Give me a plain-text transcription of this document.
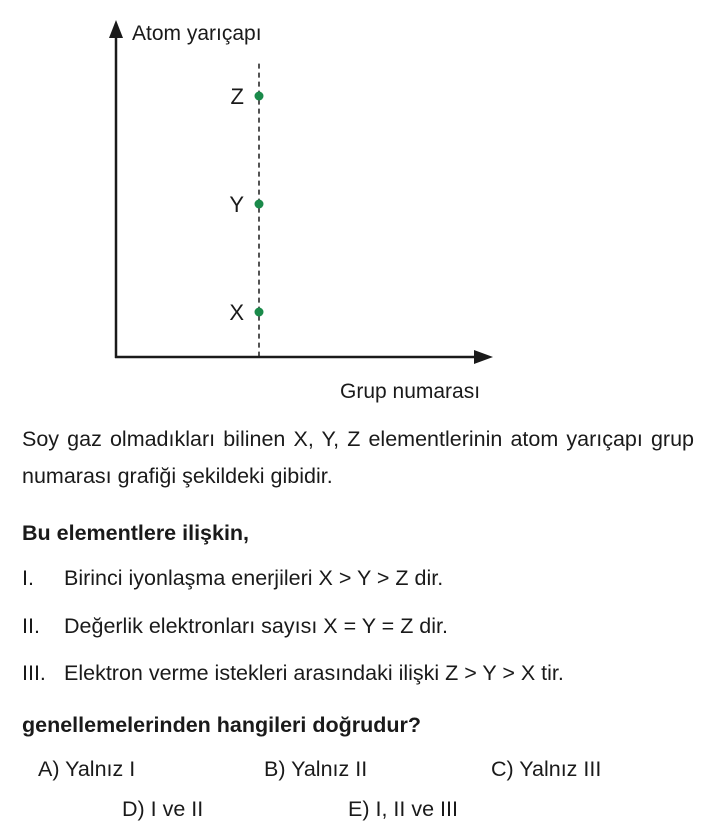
Atom yarıçapı
Grup numarası
X
Y
Z
Soy gaz olmadıkları bilinen X, Y, Z elementlerinin atom yarıçapı grup numarası grafiği şekildeki gibidir.
Bu elementlere ilişkin,
I. Birinci iyonlaşma enerjileri X > Y > Z dir.
II. Değerlik elektronları sayısı X = Y = Z dir.
III. Elektron verme istekleri arasındaki ilişki Z > Y > X tir.
genellemelerinden hangileri doğrudur?
A) Yalnız I	B) Yalnız II	C) Yalnız III
D) I ve II	E) I, II ve III
